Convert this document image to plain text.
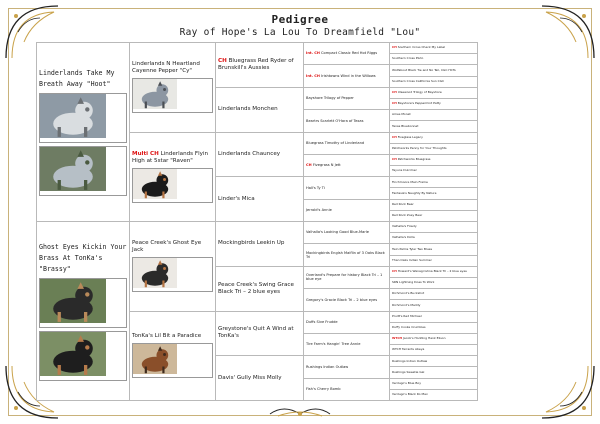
Pedigree
Ray of Hope's La Lou To Dreamfield "Lou"
Linderlands Take My Breath Away "Hoot"	Linderlands N Heartland Cayenne Pepper "Cy"	CH Bluegrass Red Ryder of Brunskill's Aussies	Int. CH Compact Classic Red Hot Riggs	CH Southern Cross Check My Label
				Southern Cross Pluto
			Int. CH Irishtowns Wind in the Willows	Wolfabout Black Tie and No Tail, CGC HCTs
				Southern Cross California Sun CGC
		Linderlands Monchen	Bayshore Trilogy of Pepper	CH Ulsewood Trilogy of Bayshore
				CH Bayshore's Peppermint Patty
			Beartrs Scarlett O'Hara of Texas	Ames Monet
				Texas Bluebonnet

	Multi CH Linderlands Flyin High at 5star "Raven"	Linderlands Chauncey	Bluegrass Timothy of Linderland	CH Fiveglass Legacy
				Patchworks Penny for Your Thoughts
			CH Fivegrass N Jett	CH Patchworks Bluegrass
				Tayuns Dulcimer
		Linder's Mica	Hall's Ty Ti	Finchmoore Main Frame
				Fantasia's Naughty By Nature
			Jerrold's Annie	Red Rock Bear
				Red Rock Zoey Bear

Ghost Eyes Kickin Your Brass At TonKa's "Brassy"	Peace Creek's Ghost Eye Jack	Mockingbirds Leekin Up	Valhalla's Looking Good Blue-Marle	Valhalla's Fowdy
				Valhalla's Dolla
			Mockingbirds Englsh Maiflin of 3 Oaks Black Tri	Twin Palms Tyler Two Blues
				Than Oaks Indian Summer
		Peace Creek's Swing Grace Black Tri – 2 blue eyes	Overland's Prepare for history Black Tri – 1 blue eye	CH Howard's Wanagi Ishna Black Tri – 2 blue eyes
				SRN Lightning Does To Work
			Gregory's Gracie Black Tri – 2 blue eyes	Richmond's Buckshot
				Richmond's Maddy

	TonKa's Lil Bit a Paradice	Greystone's Quit A Wind at TonKa's	Duffs Sive Frudde	Pruitt's Red Michael
				Duffy Cooke Crumbles
			Tire Farm's Hangin' Tree Annie	WTCH Jacob's Hodding Hank Elison
				WTCH Tarrants Abeya
		Davis' Gully Miss Molly	Rushings Indian Outlaw	Rushings Indian Outlaw
				Rushings Sweetie Gal
			Fish's Cherry Bomb	Verdugo's Blue Boy
				Verdugo's Black Ro Max
